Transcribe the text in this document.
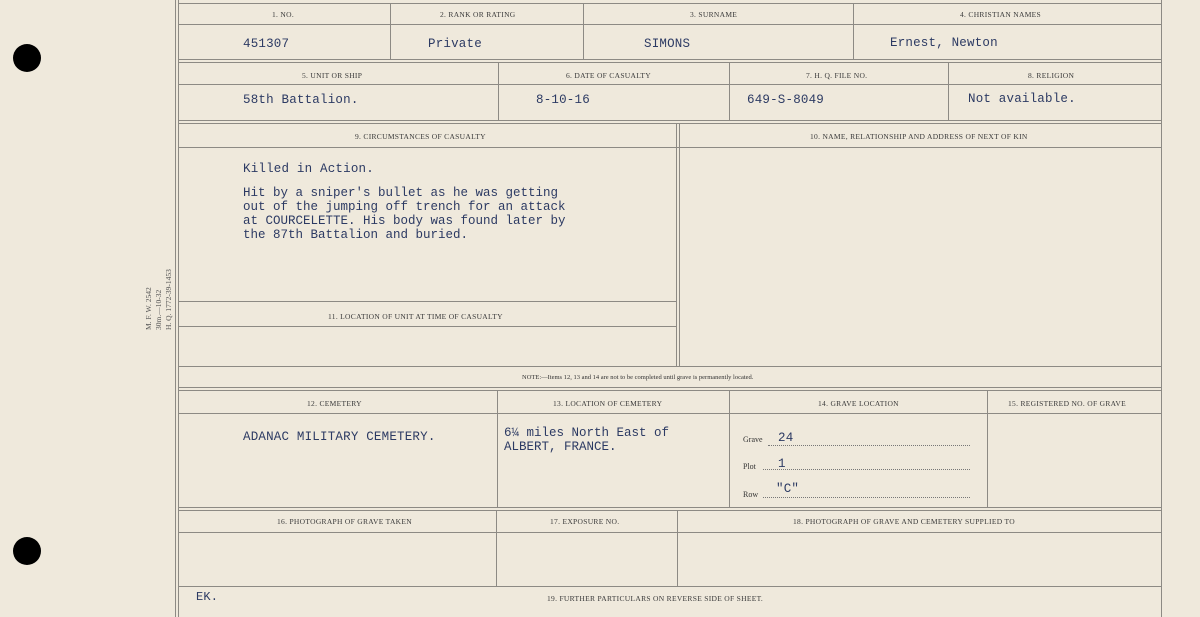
M. F. W. 2542 30m.—10-32 H. Q. 1772-39-1453
1. NO.	2. RANK OR RATING	3. SURNAME	4. CHRISTIAN NAMES
451307	Private	SIMONS	Ernest, Newton
5. UNIT OR SHIP	6. DATE OF CASUALTY	7. H. Q. FILE NO.	8. RELIGION
58th Battalion.	8-10-16	649-S-8049	Not available.
9. CIRCUMSTANCES OF CASUALTY	10. NAME, RELATIONSHIP AND ADDRESS OF NEXT OF KIN
Killed in Action.
Hit by a sniper's bullet as he was getting
out of the jumping off trench for an attack
at COURCELETTE. His body was found later by
the 87th Battalion and buried.
11. LOCATION OF UNIT AT TIME OF CASUALTY
NOTE:—Items 12, 13 and 14 are not to be completed until grave is permanently located.
12. CEMETERY	13. LOCATION OF CEMETERY	14. GRAVE LOCATION	15. REGISTERED NO. OF GRAVE
ADANAC MILITARY CEMETERY.	6¼ miles North East of
ALBERT, FRANCE.
Grave 24
Plot 1
Row "C"
16. PHOTOGRAPH OF GRAVE TAKEN	17. EXPOSURE NO.	18. PHOTOGRAPH OF GRAVE AND CEMETERY SUPPLIED TO
EK.	19. FURTHER PARTICULARS ON REVERSE SIDE OF SHEET.
